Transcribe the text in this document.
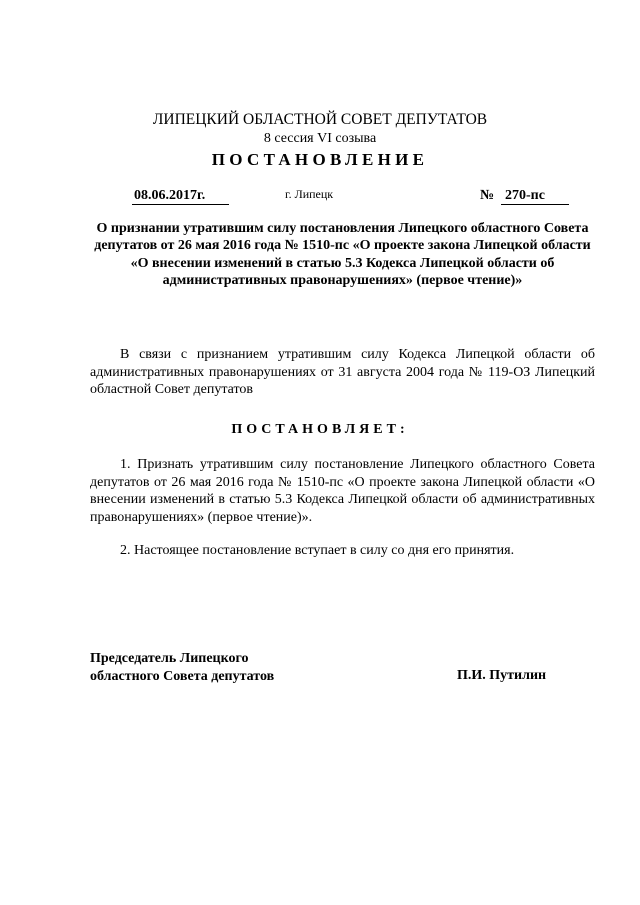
ЛИПЕЦКИЙ ОБЛАСТНОЙ СОВЕТ ДЕПУТАТОВ
8 сессия VI созыва
ПОСТАНОВЛЕНИЕ
08.06.2017г.	г. Липецк	№ 270-пс
О признании утратившим силу постановления Липецкого областного Совета депутатов от 26 мая 2016 года № 1510-пс «О проекте закона Липецкой области «О внесении изменений в статью 5.3 Кодекса Липецкой области об административных правонарушениях» (первое чтение)»
В связи с признанием утратившим силу Кодекса Липецкой области об административных правонарушениях от 31 августа 2004 года № 119-ОЗ Липецкий областной Совет депутатов
ПОСТАНОВЛЯЕТ:
1. Признать утратившим силу постановление Липецкого областного Совета депутатов от 26 мая 2016 года № 1510-пс «О проекте закона Липецкой области «О внесении изменений в статью 5.3 Кодекса Липецкой области об административных правонарушениях» (первое чтение)».
2. Настоящее постановление вступает в силу со дня его принятия.
Председатель Липецкого
областного Совета депутатов	П.И. Путилин
